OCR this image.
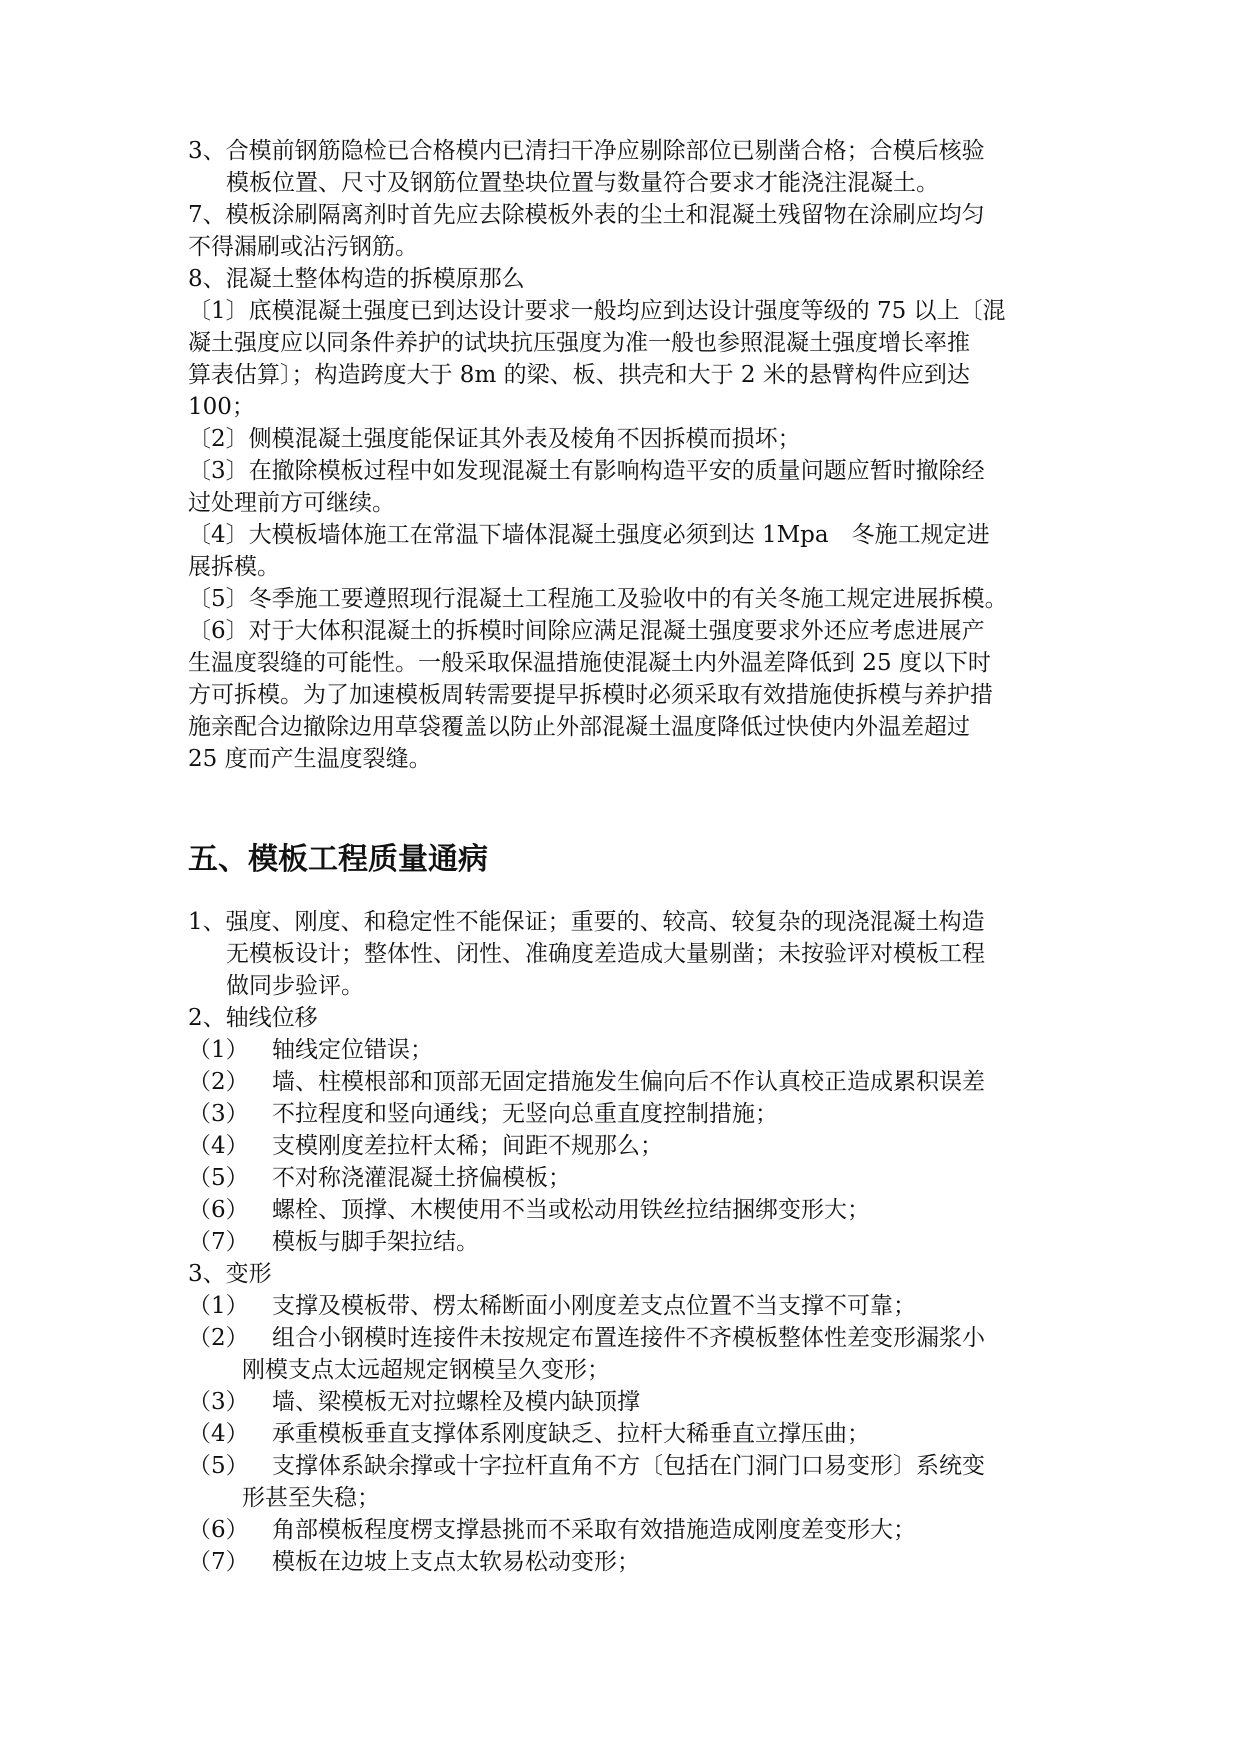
3、合模前钢筋隐检已合格模内已清扫干净应剔除部位已剔凿合格；合模后核验
模板位置、尺寸及钢筋位置垫块位置与数量符合要求才能浇注混凝土。
7、模板涂刷隔离剂时首先应去除模板外表的尘土和混凝土残留物在涂刷应均匀
不得漏刷或沾污钢筋。
8、混凝土整体构造的拆模原那么
〔1〕底模混凝土强度已到达设计要求一般均应到达设计强度等级的 75 以上〔混
凝土强度应以同条件养护的试块抗压强度为准一般也参照混凝土强度增长率推
算表估算〕；构造跨度大于 8m 的梁、板、拱壳和大于 2 米的悬臂构件应到达
100；
〔2〕侧模混凝土强度能保证其外表及棱角不因拆模而损坏；
〔3〕在撤除模板过程中如发现混凝土有影响构造平安的质量问题应暂时撤除经
过处理前方可继续。
〔4〕大模板墙体施工在常温下墙体混凝土强度必须到达 1Mpa　冬施工规定进
展拆模。
〔5〕冬季施工要遵照现行混凝土工程施工及验收中的有关冬施工规定进展拆模。
〔6〕对于大体积混凝土的拆模时间除应满足混凝土强度要求外还应考虑进展产
生温度裂缝的可能性。一般采取保温措施使混凝土内外温差降低到 25 度以下时
方可拆模。为了加速模板周转需要提早拆模时必须采取有效措施使拆模与养护措
施亲配合边撤除边用草袋覆盖以防止外部混凝土温度降低过快使内外温差超过
25 度而产生温度裂缝。
五、模板工程质量通病
1、强度、刚度、和稳定性不能保证；重要的、较高、较复杂的现浇混凝土构造
无模板设计；整体性、闭性、准确度差造成大量剔凿；未按验评对模板工程
做同步验评。
2、轴线位移
（1） 轴线定位错误；
（2） 墙、柱模根部和顶部无固定措施发生偏向后不作认真校正造成累积误差
（3） 不拉程度和竖向通线；无竖向总重直度控制措施；
（4） 支模刚度差拉杆太稀；间距不规那么；
（5） 不对称浇灌混凝土挤偏模板；
（6） 螺栓、顶撑、木楔使用不当或松动用铁丝拉结捆绑变形大；
（7） 模板与脚手架拉结。
3、变形
（1） 支撑及模板带、楞太稀断面小刚度差支点位置不当支撑不可靠；
（2） 组合小钢模时连接件未按规定布置连接件不齐模板整体性差变形漏浆小
刚模支点太远超规定钢模呈久变形；
（3） 墙、梁模板无对拉螺栓及模内缺顶撑
（4） 承重模板垂直支撑体系刚度缺乏、拉杆大稀垂直立撑压曲；
（5） 支撑体系缺余撑或十字拉杆直角不方〔包括在门洞门口易变形〕系统变
形甚至失稳；
（6） 角部模板程度楞支撑悬挑而不采取有效措施造成刚度差变形大；
（7） 模板在边坡上支点太软易松动变形；
